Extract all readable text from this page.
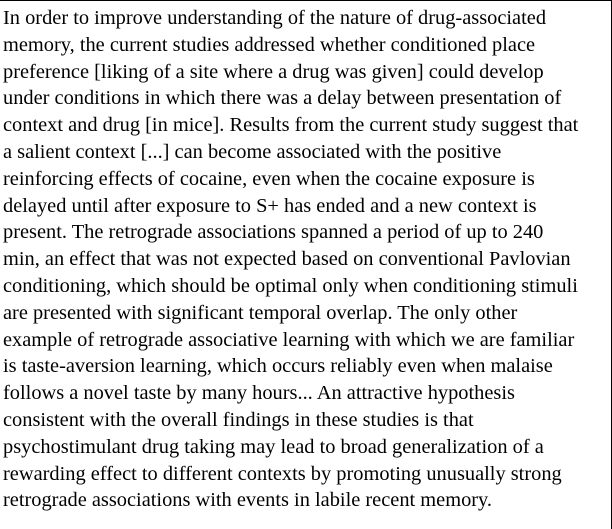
In order to improve understanding of the nature of drug-associated
memory, the current studies addressed whether conditioned place
preference [liking of a site where a drug was given] could develop
under conditions in which there was a delay between presentation of
context and drug [in mice]. Results from the current study suggest that
a salient context [...] can become associated with the positive
reinforcing effects of cocaine, even when the cocaine exposure is
delayed until after exposure to S+ has ended and a new context is
present. The retrograde associations spanned a period of up to 240
min, an effect that was not expected based on conventional Pavlovian
conditioning, which should be optimal only when conditioning stimuli
are presented with significant temporal overlap. The only other
example of retrograde associative learning with which we are familiar
is taste-aversion learning, which occurs reliably even when malaise
follows a novel taste by many hours... An attractive hypothesis
consistent with the overall findings in these studies is that
psychostimulant drug taking may lead to broad generalization of a
rewarding effect to different contexts by promoting unusually strong
retrograde associations with events in labile recent memory.
